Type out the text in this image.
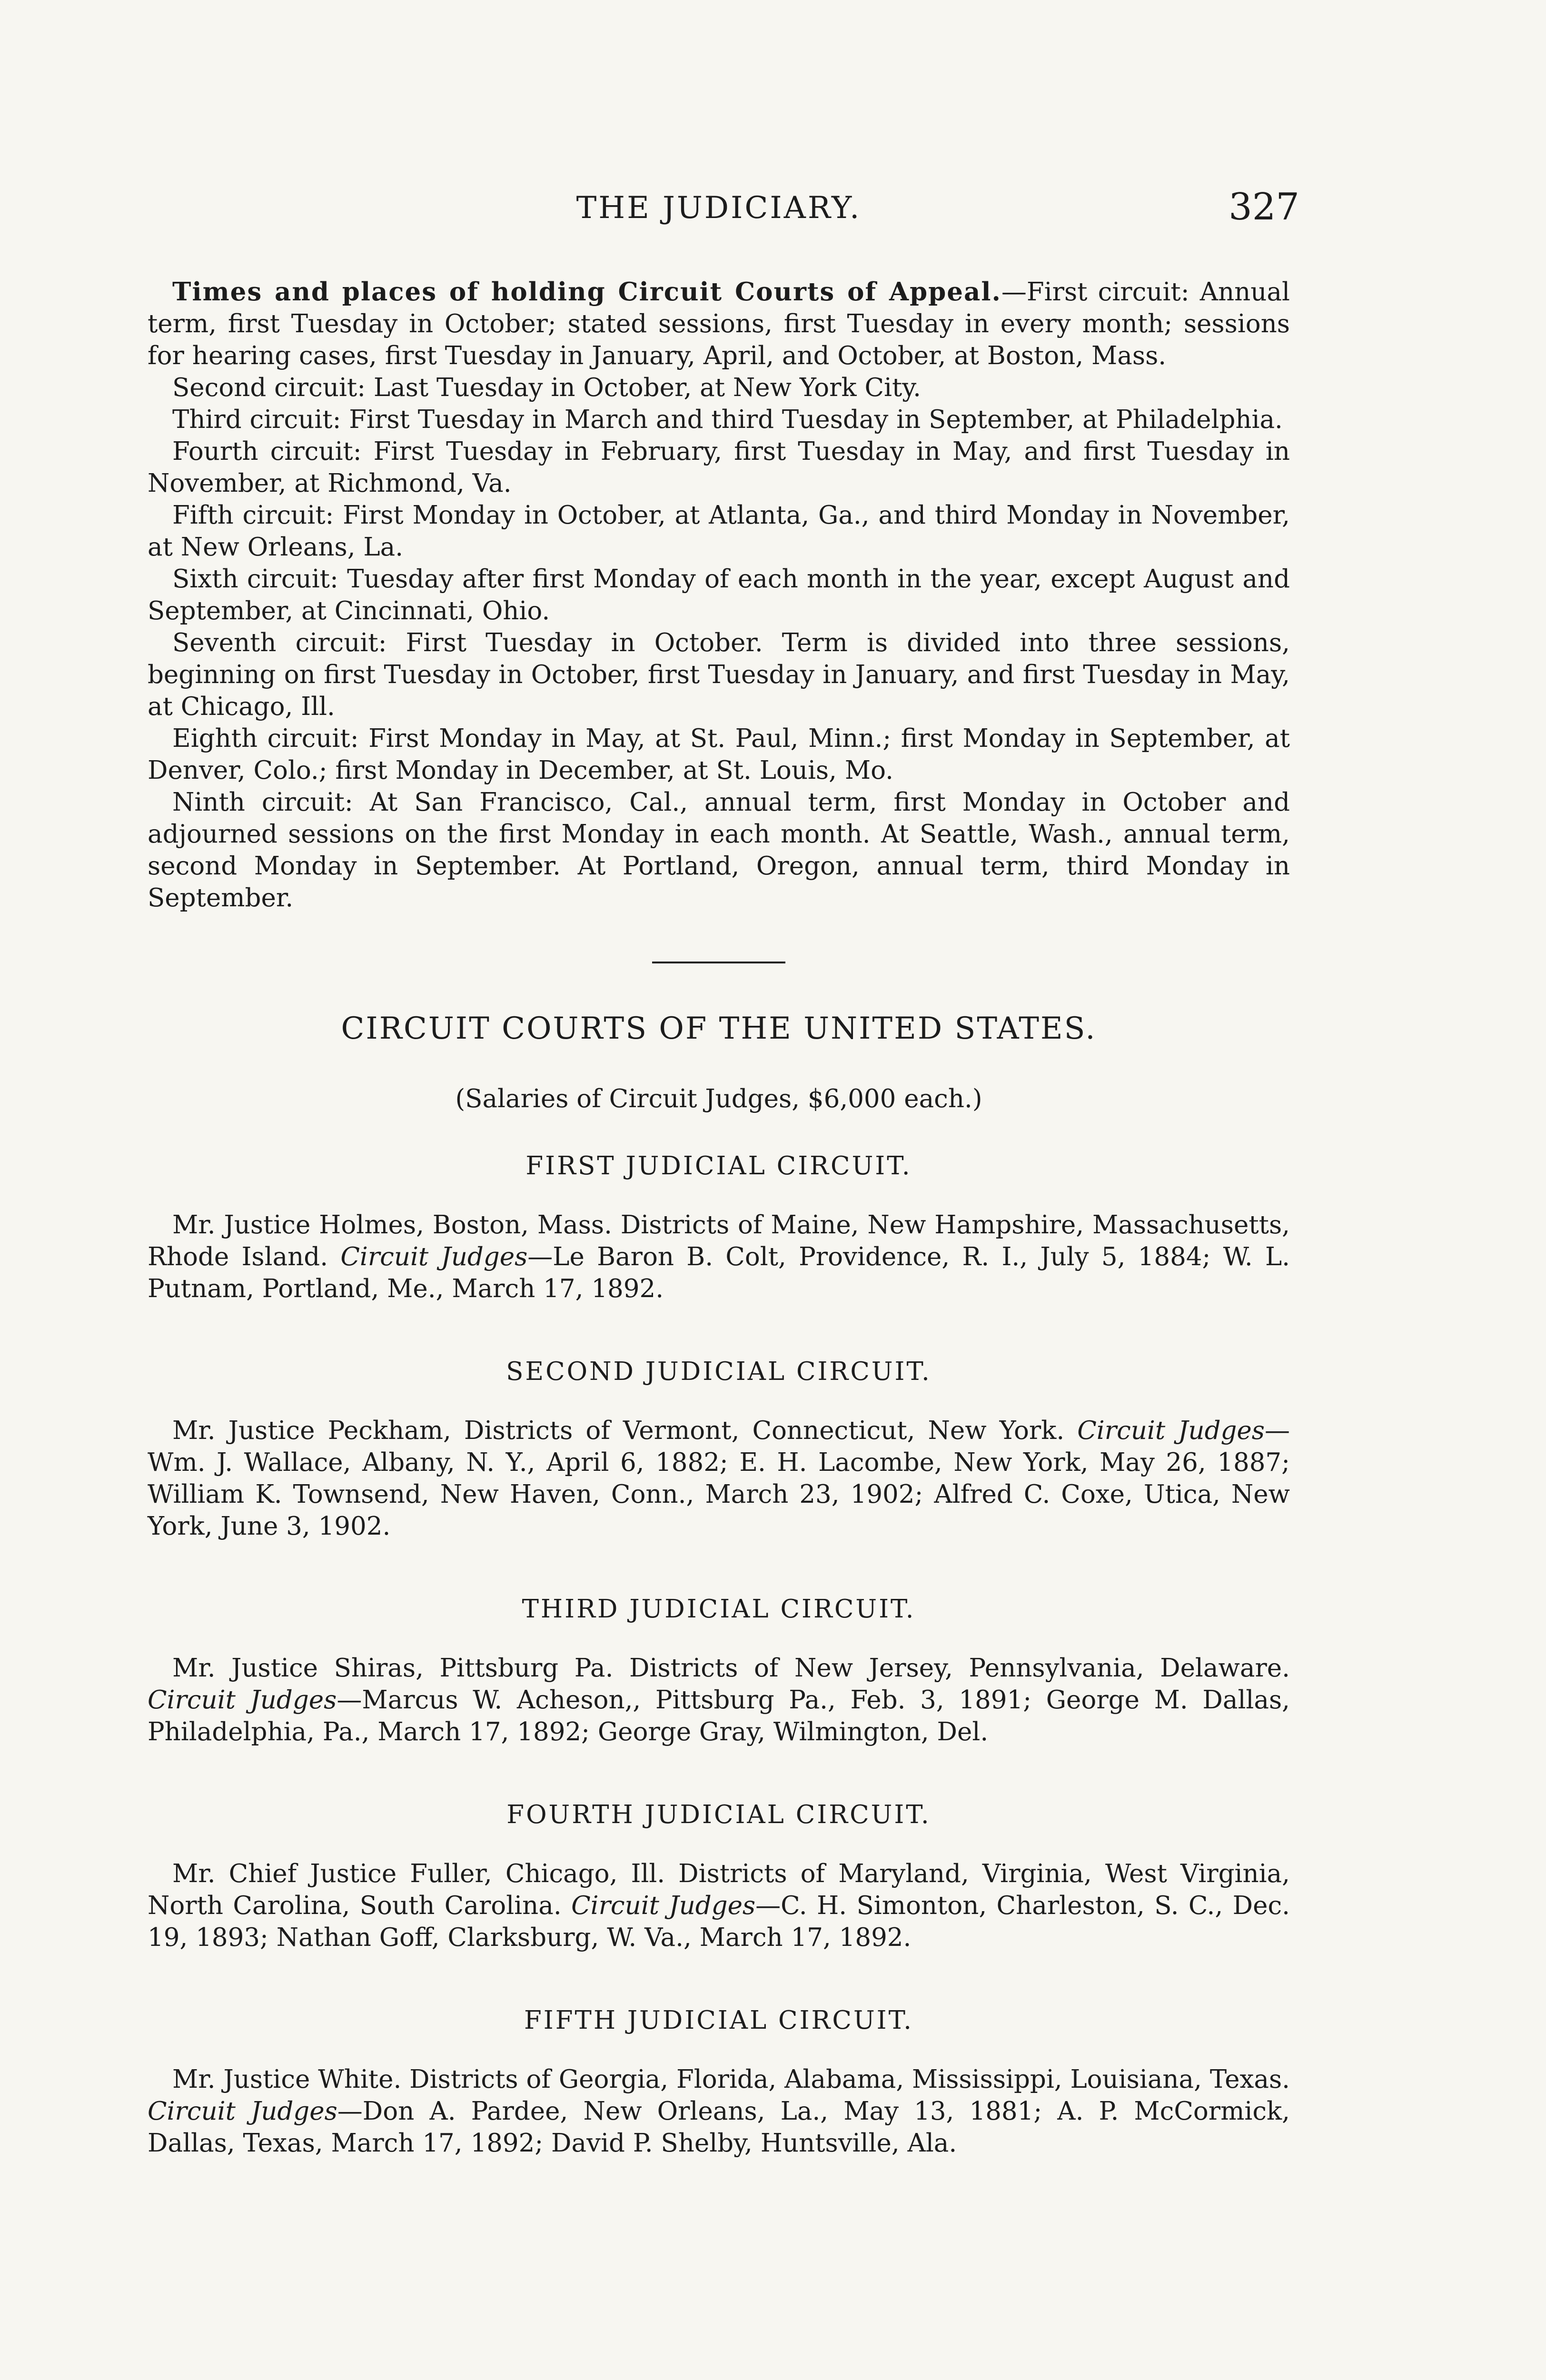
THE JUDICIARY.	327

Times and places of holding Circuit Courts of Appeal.—First circuit: Annual term, first Tuesday in October; stated sessions, first Tuesday in every month; sessions for hearing cases, first Tuesday in January, April, and October, at Boston, Mass.

Second circuit: Last Tuesday in October, at New York City.

Third circuit: First Tuesday in March and third Tuesday in September, at Philadelphia.

Fourth circuit: First Tuesday in February, first Tuesday in May, and first Tuesday in November, at Richmond, Va.

Fifth circuit: First Monday in October, at Atlanta, Ga., and third Monday in November, at New Orleans, La.

Sixth circuit: Tuesday after first Monday of each month in the year, except August and September, at Cincinnati, Ohio.

Seventh circuit: First Tuesday in October. Term is divided into three sessions, beginning on first Tuesday in October, first Tuesday in January, and first Tuesday in May, at Chicago, Ill.

Eighth circuit: First Monday in May, at St. Paul, Minn.; first Monday in September, at Denver, Colo.; first Monday in December, at St. Louis, Mo.

Ninth circuit: At San Francisco, Cal., annual term, first Monday in October and adjourned sessions on the first Monday in each month. At Seattle, Wash., annual term, second Monday in September. At Portland, Oregon, annual term, third Monday in September.

CIRCUIT COURTS OF THE UNITED STATES.
(Salaries of Circuit Judges, $6,000 each.)
FIRST JUDICIAL CIRCUIT.

Mr. Justice Holmes, Boston, Mass. Districts of Maine, New Hampshire, Massachusetts, Rhode Island. Circuit Judges—Le Baron B. Colt, Providence, R. I., July 5, 1884; W. L. Putnam, Portland, Me., March 17, 1892.

SECOND JUDICIAL CIRCUIT.

Mr. Justice Peckham, Districts of Vermont, Connecticut, New York. Circuit Judges—Wm. J. Wallace, Albany, N. Y., April 6, 1882; E. H. Lacombe, New York, May 26, 1887; William K. Townsend, New Haven, Conn., March 23, 1902; Alfred C. Coxe, Utica, New York, June 3, 1902.

THIRD JUDICIAL CIRCUIT.

Mr. Justice Shiras, Pittsburg Pa. Districts of New Jersey, Pennsylvania, Delaware. Circuit Judges—Marcus W. Acheson,, Pittsburg Pa., Feb. 3, 1891; George M. Dallas, Philadelphia, Pa., March 17, 1892; George Gray, Wilmington, Del.

FOURTH JUDICIAL CIRCUIT.

Mr. Chief Justice Fuller, Chicago, Ill. Districts of Maryland, Virginia, West Virginia, North Carolina, South Carolina. Circuit Judges—C. H. Simonton, Charleston, S. C., Dec. 19, 1893; Nathan Goff, Clarksburg, W. Va., March 17, 1892.

FIFTH JUDICIAL CIRCUIT.

Mr. Justice White. Districts of Georgia, Florida, Alabama, Mississippi, Louisiana, Texas. Circuit Judges—Don A. Pardee, New Orleans, La., May 13, 1881; A. P. McCormick, Dallas, Texas, March 17, 1892; David P. Shelby, Huntsville, Ala.
